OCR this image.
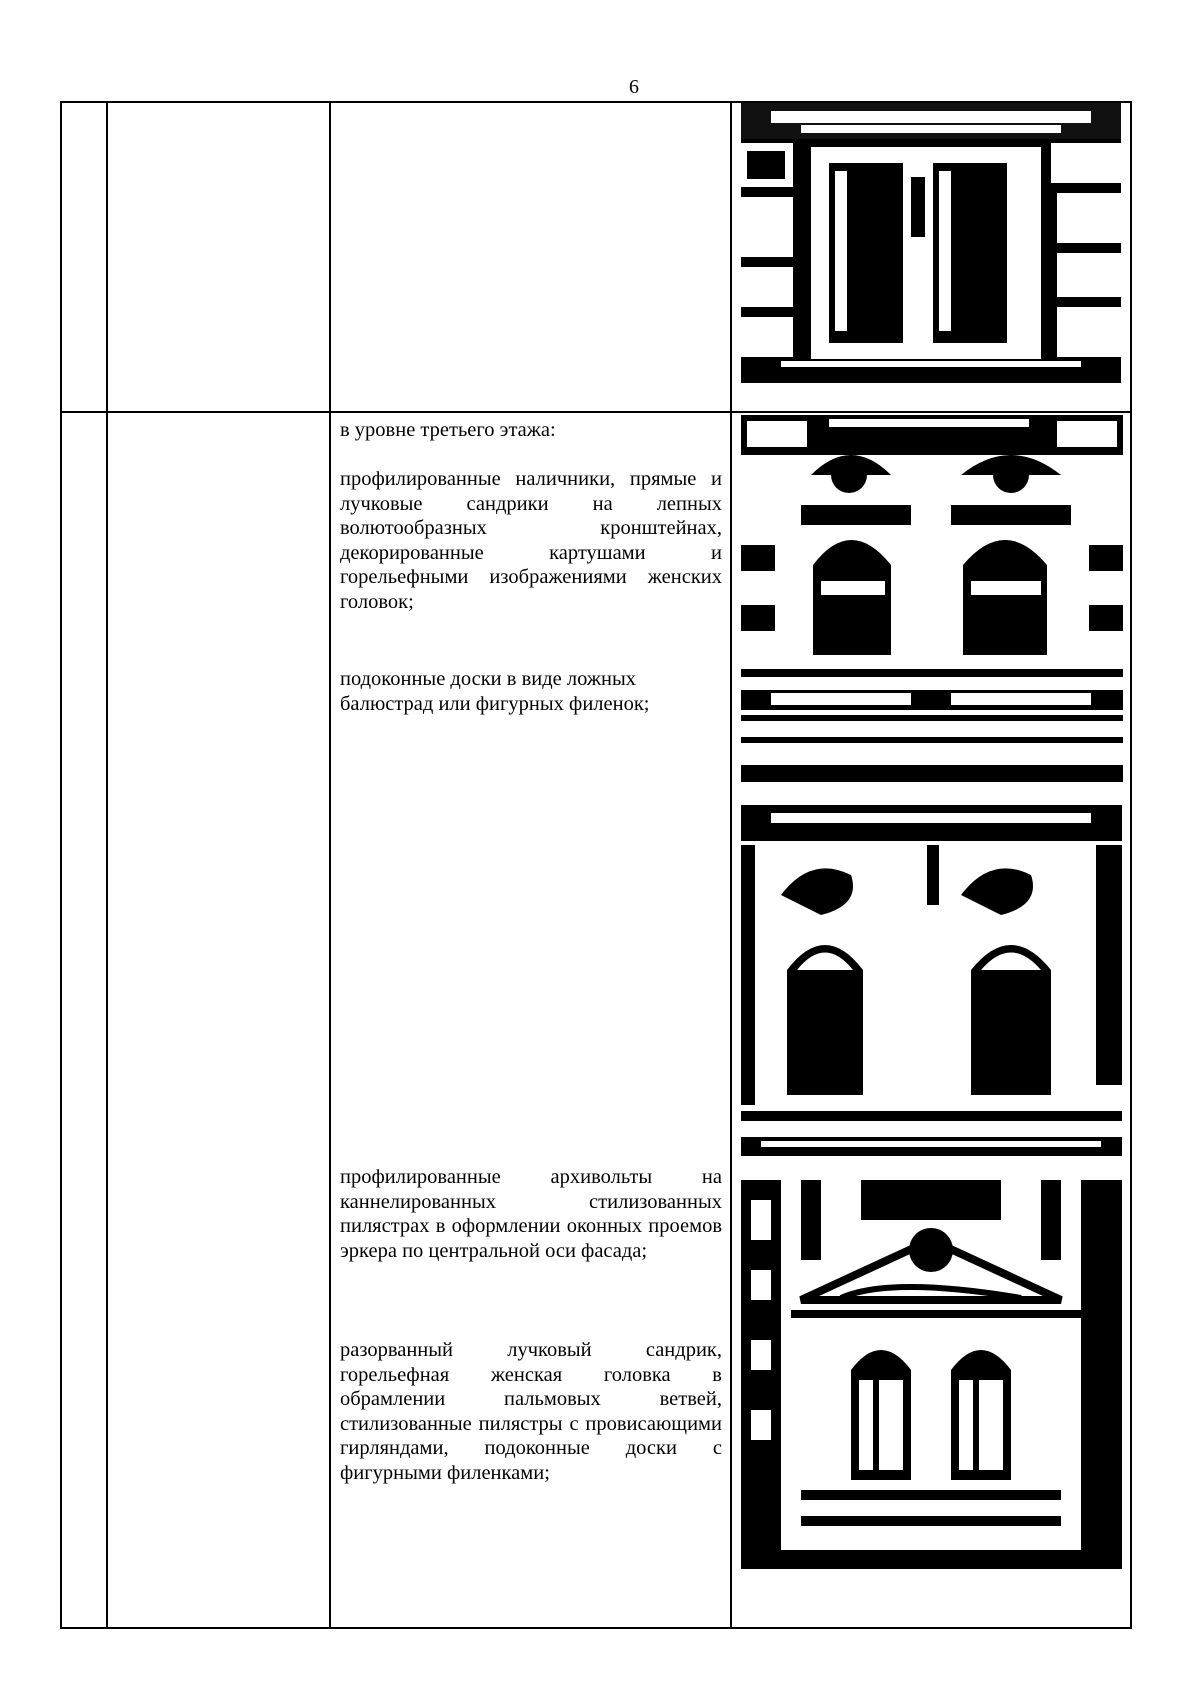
6

в уровне третьего этажа:

профилированные наличники, прямые и лучковые сандрики на лепных волютообразных кронштейнах, декорированные картушами и горельефными изображениями женских головок;

подоконные доски в виде ложных

балюстрад или фигурных филенок;

профилированные архивольты на каннелированных стилизованных пилястрах в оформлении оконных проемов эркера по центральной оси фасада;

разорванный лучковый сандрик, горельефная женская головка в обрамлении пальмовых ветвей, стилизованные пилястры с провисающими гирляндами, подоконные доски с фигурными филенками;
